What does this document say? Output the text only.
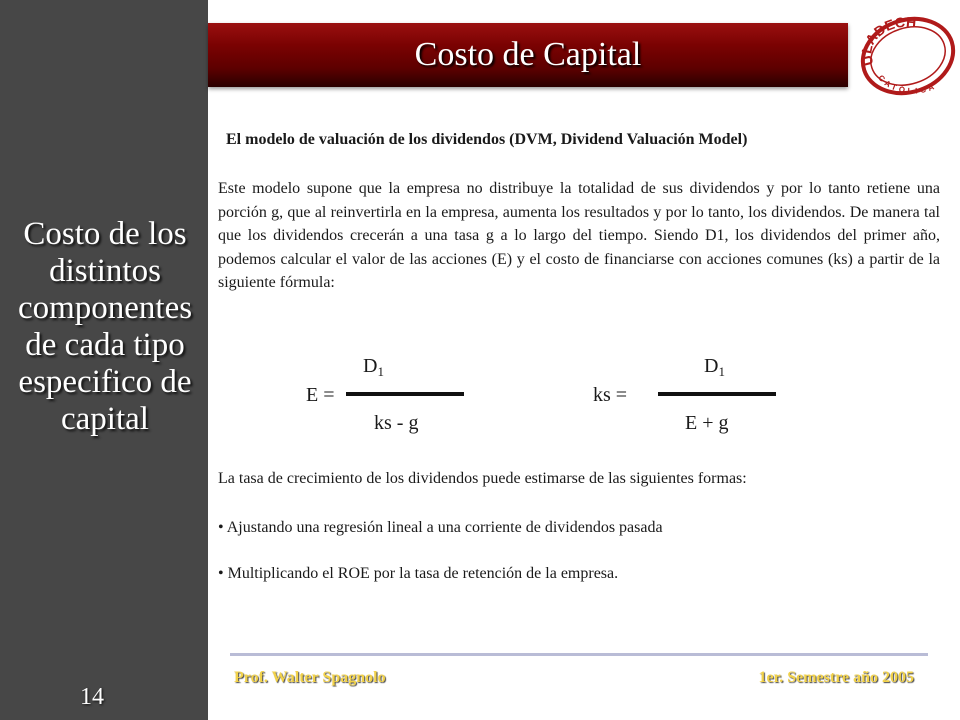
Costo de los distintos componentes de cada tipo especifico de capital
14
Costo de Capital	ULADECH
CATÓLICA
El modelo de valuación de los dividendos (DVM, Dividend Valuación Model)
Este modelo supone que la empresa no distribuye la totalidad de sus dividendos y por lo tanto retiene una porción g, que al reinvertirla en la empresa, aumenta los resultados y por lo tanto, los dividendos. De manera tal que los dividendos crecerán a una tasa g a lo largo del tiempo. Siendo D1, los dividendos del primer año, podemos calcular el valor de las acciones (E) y el costo de financiarse con acciones comunes (ks) a partir de la siguiente fórmula:
E =
$D_1$
ks - g
ks =
$D_1$
E + g
La tasa de crecimiento de los dividendos puede estimarse de las siguientes formas:
• Ajustando una regresión lineal a una corriente de dividendos pasada
• Multiplicando el ROE por la tasa de retención de la empresa.
Prof. Walter Spagnolo	1er. Semestre año 2005
